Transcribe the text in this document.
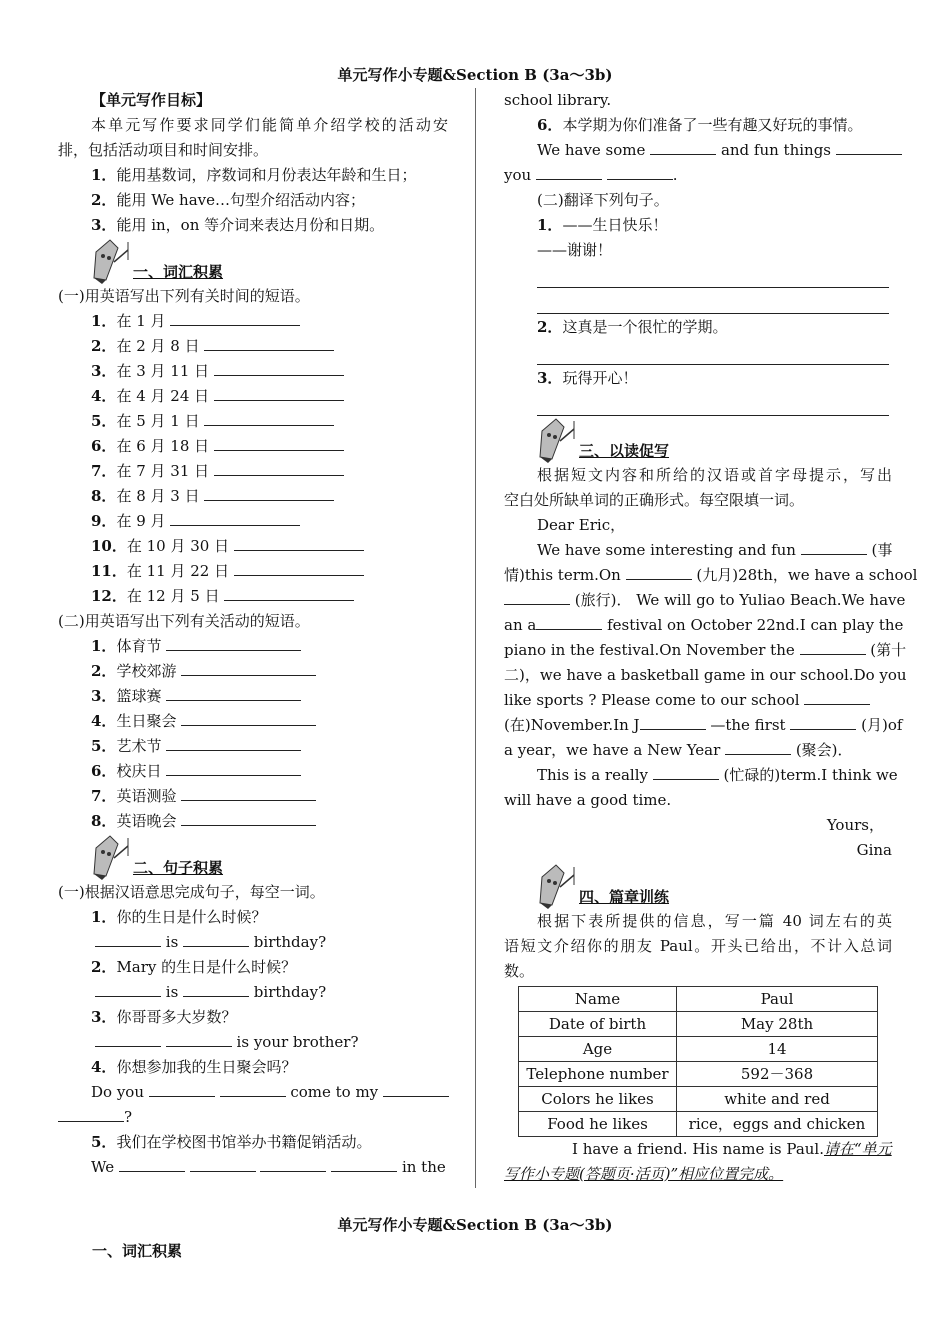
单元写作小专题&Section B (3a～3b)
【单元写作目标】
本单元写作要求同学们能简单介绍学校的活动安
排，包括活动项目和时间安排。
1．能用基数词，序数词和月份表达年龄和生日；
2．能用 We have…句型介绍活动内容；
3．能用 in，on 等介词来表达月份和日期。
一、词汇积累
(一)用英语写出下列有关时间的短语。
1．在 1 月
2．在 2 月 8 日
3．在 3 月 11 日
4．在 4 月 24 日
5．在 5 月 1 日
6．在 6 月 18 日
7．在 7 月 31 日
8．在 8 月 3 日
9．在 9 月
10．在 10 月 30 日
11．在 11 月 22 日
12．在 12 月 5 日
(二)用英语写出下列有关活动的短语。
1．体育节
2．学校郊游
3．篮球赛
4．生日聚会
5．艺术节
6．校庆日
7．英语测验
8．英语晚会
二、句子积累
(一)根据汉语意思完成句子，每空一词。
1．你的生日是什么时候？
is	birthday?
2．Mary 的生日是什么时候？
is	birthday?
3．你哥哥多大岁数？
is your brother?
4．你想参加我的生日聚会吗？
Do you	come to my
?
5．我们在学校图书馆举办书籍促销活动。
We	in the
school library.
6．本学期为你们准备了一些有趣又好玩的事情。
We have some	and fun things
you	.
(二)翻译下列句子。
1．——生日快乐！
——谢谢！
2．这真是一个很忙的学期。
3．玩得开心！
三、以读促写
根据短文内容和所给的汉语或首字母提示，写出
空白处所缺单词的正确形式。每空限填一词。
Dear Eric，
We have some interesting and fun	(事
情)this term.On	(九月)28th，we have a school
(旅行)． We will go to Yuliao Beach.We have
an a	festival on October 22nd.I can play the
piano in the festival.On November the	(第十
二)，we have a basketball game in our school.Do you
like sports ? Please come to our school
(在)November.In J	—the first	(月)of
a year，we have a New Year	(聚会)．
This is a really	(忙碌的)term.I think we
will have a good time.
Yours，
Gina
四、篇章训练
根据下表所提供的信息，写一篇 40 词左右的英
语短文介绍你的朋友 Paul。开头已给出，不计入总词
数。
Name	Paul
Date of birth	May 28th
Age	14
Telephone number	592－368
Colors he likes	white and red
Food he likes	rice，eggs and chicken
I have a friend. His name is Paul.请在“单元
写作小专题(答题页·活页)”相应位置完成。
单元写作小专题&Section B (3a～3b)
一、词汇积累
